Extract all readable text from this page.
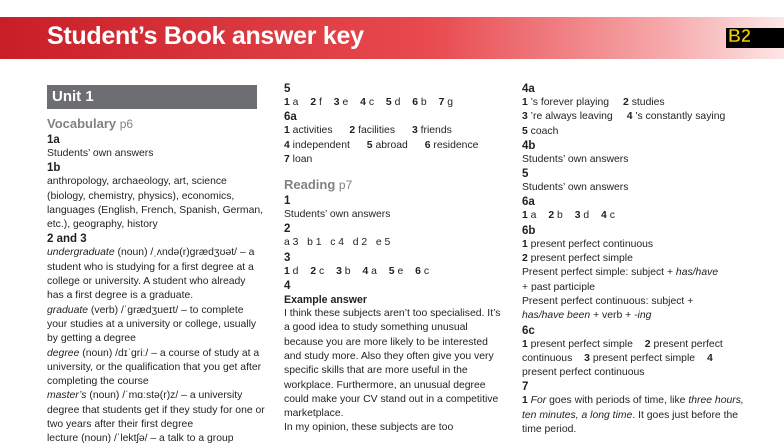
Student’s Book answer key	B2
Unit 1
Vocabulary p6
1a

Students’ own answers

1b

anthropology, archaeology, art, science (biology, chemistry, physics), economics, languages (English, French, Spanish, German, etc.), geography, history

2 and 3

undergraduate (noun) /ˌʌndə(r)ɡrædʒʊət/ – a student who is studying for a first degree at a college or university. A student who already has a first degree is a graduate.

graduate (verb) /ˈɡrædʒueɪt/ – to complete your studies at a university or college, usually by getting a degree

degree (noun) /dɪˈɡriː/ – a course of study at a university, or the qualification that you get after completing the course

master’s (noun) /ˈmɑːstə(r)z/ – a university degree that students get if they study for one or two years after their first degree

lecture (noun) /ˈlektʃə/ – a talk to a group

5

1 a 2 f 3 e 4 c 5 d 6 b 7 g

6a

1 activities 2 facilities 3 friends

4 independent 5 abroad 6 residence

7 loan

Reading p7
1

Students’ own answers

2

a 3   b 1   c 4   d 2   e 5

3

1 d 2 c 3 b 4 a 5 e 6 c

4
Example answer

I think these subjects aren’t too specialised. It’s a good idea to study something unusual because you are more likely to be interested and study more. Also they often give you very specific skills that are more useful in the workplace. Furthermore, an unusual degree could make your CV stand out in a competitive marketplace.

In my opinion, these subjects are too

4a

1 ’s forever playing 2 studies

3 ’re always leaving 4 ’s constantly saying

5 coach

4b

Students’ own answers

5

Students’ own answers

6a

1 a 2 b 3 d 4 c

6b

1 present perfect continuous

2 present perfect simple

Present perfect simple: subject + has/have
+ past participle

Present perfect continuous: subject +
has/have been + verb + -ing

6c

1 present perfect simple 2 present perfect continuous 3 present perfect simple 4 present perfect continuous

7

1 For goes with periods of time, like three hours, ten minutes, a long time. It goes just before the time period.
